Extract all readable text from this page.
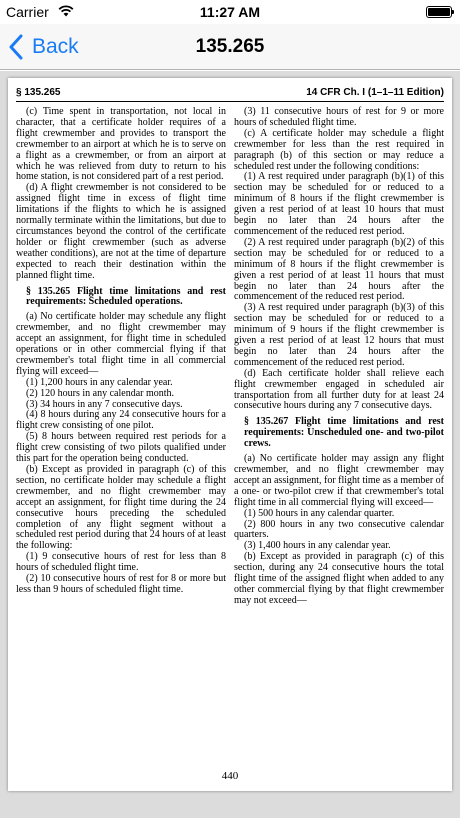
Carrier	11:27 AM
Back	135.265
§ 135.265	14 CFR Ch. I (1–1–11 Edition)

(c) Time spent in transportation, not local in character, that a certificate holder requires of a flight crewmember and provides to transport the crewmember to an airport at which he is to serve on a flight as a crewmember, or from an airport at which he was relieved from duty to return to his home station, is not considered part of a rest period.

(d) A flight crewmember is not considered to be assigned flight time in excess of flight time limitations if the flights to which he is assigned normally terminate within the limitations, but due to circumstances beyond the control of the certificate holder or flight crewmember (such as adverse weather conditions), are not at the time of departure expected to reach their destination within the planned flight time.

§ 135.265 Flight time limitations and rest requirements: Scheduled operations.

(a) No certificate holder may schedule any flight crewmember, and no flight crewmember may accept an assignment, for flight time in scheduled operations or in other commercial flying if that crewmember's total flight time in all commercial flying will exceed—

(1) 1,200 hours in any calendar year.

(2) 120 hours in any calendar month.

(3) 34 hours in any 7 consecutive days.

(4) 8 hours during any 24 consecutive hours for a flight crew consisting of one pilot.

(5) 8 hours between required rest periods for a flight crew consisting of two pilots qualified under this part for the operation being conducted.

(b) Except as provided in paragraph (c) of this section, no certificate holder may schedule a flight crewmember, and no flight crewmember may accept an assignment, for flight time during the 24 consecutive hours preceding the scheduled completion of any flight segment without a scheduled rest period during that 24 hours of at least the following:

(1) 9 consecutive hours of rest for less than 8 hours of scheduled flight time.

(2) 10 consecutive hours of rest for 8 or more but less than 9 hours of scheduled flight time.

(3) 11 consecutive hours of rest for 9 or more hours of scheduled flight time.

(c) A certificate holder may schedule a flight crewmember for less than the rest required in paragraph (b) of this section or may reduce a scheduled rest under the following conditions:

(1) A rest required under paragraph (b)(1) of this section may be scheduled for or reduced to a minimum of 8 hours if the flight crewmember is given a rest period of at least 10 hours that must begin no later than 24 hours after the commencement of the reduced rest period.

(2) A rest required under paragraph (b)(2) of this section may be scheduled for or reduced to a minimum of 8 hours if the flight crewmember is given a rest period of at least 11 hours that must begin no later than 24 hours after the commencement of the reduced rest period.

(3) A rest required under paragraph (b)(3) of this section may be scheduled for or reduced to a minimum of 9 hours if the flight crewmember is given a rest period of at least 12 hours that must begin no later than 24 hours after the commencement of the reduced rest period.

(d) Each certificate holder shall relieve each flight crewmember engaged in scheduled air transportation from all further duty for at least 24 consecutive hours during any 7 consecutive days.

§ 135.267 Flight time limitations and rest requirements: Unscheduled one- and two-pilot crews.

(a) No certificate holder may assign any flight crewmember, and no flight crewmember may accept an assignment, for flight time as a member of a one- or two-pilot crew if that crewmember's total flight time in all commercial flying will exceed—

(1) 500 hours in any calendar quarter.

(2) 800 hours in any two consecutive calendar quarters.

(3) 1,400 hours in any calendar year.

(b) Except as provided in paragraph (c) of this section, during any 24 consecutive hours the total flight time of the assigned flight when added to any other commercial flying by that flight crewmember may not exceed—

440
